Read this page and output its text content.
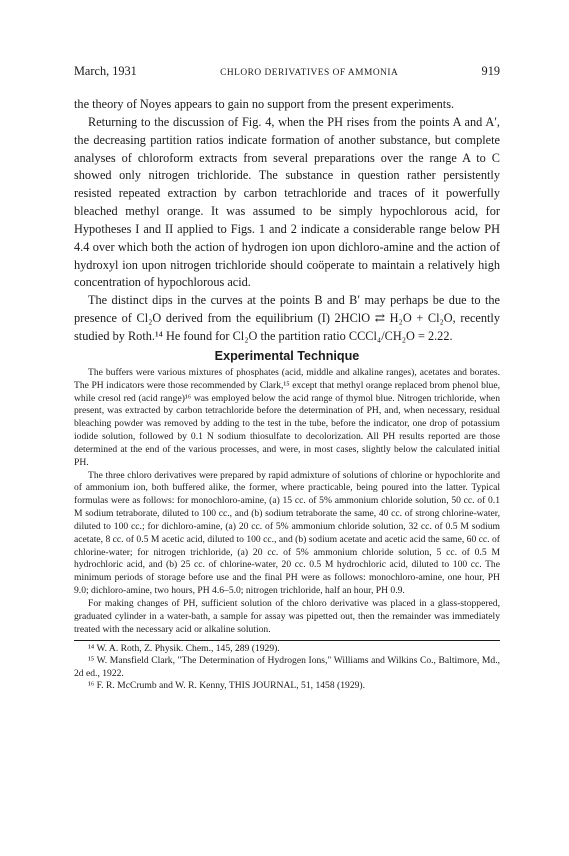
March, 1931	CHLORO DERIVATIVES OF AMMONIA	919

the theory of Noyes appears to gain no support from the present experiments.

Returning to the discussion of Fig. 4, when the PH rises from the points A and A′, the decreasing partition ratios indicate formation of another substance, but complete analyses of chloroform extracts from several preparations over the range A to C showed only nitrogen trichloride. The substance in question rather persistently resisted repeated extraction by carbon tetrachloride and traces of it powerfully bleached methyl orange. It was assumed to be simply hypochlorous acid, for Hypotheses I and II applied to Figs. 1 and 2 indicate a considerable range below PH 4.4 over which both the action of hydrogen ion upon dichloro-amine and the action of hydroxyl ion upon nitrogen trichloride should coöperate to maintain a relatively high concentration of hypochlorous acid.

The distinct dips in the curves at the points B and B′ may perhaps be due to the presence of Cl₂O derived from the equilibrium (I) 2HClO ⇄ H₂O + Cl₂O, recently studied by Roth.¹⁴ He found for Cl₂O the partition ratio CCCl₄/CH₂O = 2.22.

Experimental Technique

The buffers were various mixtures of phosphates (acid, middle and alkaline ranges), acetates and borates. The PH indicators were those recommended by Clark,¹⁵ except that methyl orange replaced brom phenol blue, while cresol red (acid range)¹⁶ was employed below the acid range of thymol blue. Nitrogen trichloride, when present, was extracted by carbon tetrachloride before the determination of PH, and, when necessary, residual bleaching powder was removed by adding to the test in the tube, before the indicator, one drop of potassium iodide solution, followed by 0.1 N sodium thiosulfate to decolorization. All PH results reported are those determined at the end of the various processes, and were, in most cases, slightly below the calculated initial PH.

The three chloro derivatives were prepared by rapid admixture of solutions of chlorine or hypochlorite and of ammonium ion, both buffered alike, the former, where practicable, being poured into the latter. Typical formulas were as follows: for monochloro-amine, (a) 15 cc. of 5% ammonium chloride solution, 50 cc. of 0.1 M sodium tetraborate, diluted to 100 cc., and (b) sodium tetraborate the same, 40 cc. of strong chlorine-water, diluted to 100 cc.; for dichloro-amine, (a) 20 cc. of 5% ammonium chloride solution, 32 cc. of 0.5 M sodium acetate, 8 cc. of 0.5 M acetic acid, diluted to 100 cc., and (b) sodium acetate and acetic acid the same, 60 cc. of chlorine-water; for nitrogen trichloride, (a) 20 cc. of 5% ammonium chloride solution, 5 cc. of 0.5 M hydrochloric acid, and (b) 25 cc. of chlorine-water, 20 cc. 0.5 M hydrochloric acid, diluted to 100 cc. The minimum periods of storage before use and the final PH were as follows: monochloro-amine, one hour, PH 9.0; dichloro-amine, two hours, PH 4.6–5.0; nitrogen trichloride, half an hour, PH 0.9.

For making changes of PH, sufficient solution of the chloro derivative was placed in a glass-stoppered, graduated cylinder in a water-bath, a sample for assay was pipetted out, then the remainder was immediately treated with the necessary acid or alkaline solution.

¹⁴ W. A. Roth, Z. Physik. Chem., 145, 289 (1929).

¹⁵ W. Mansfield Clark, "The Determination of Hydrogen Ions," Williams and Wilkins Co., Baltimore, Md., 2d ed., 1922.

¹⁶ F. R. McCrumb and W. R. Kenny, THIS JOURNAL, 51, 1458 (1929).
